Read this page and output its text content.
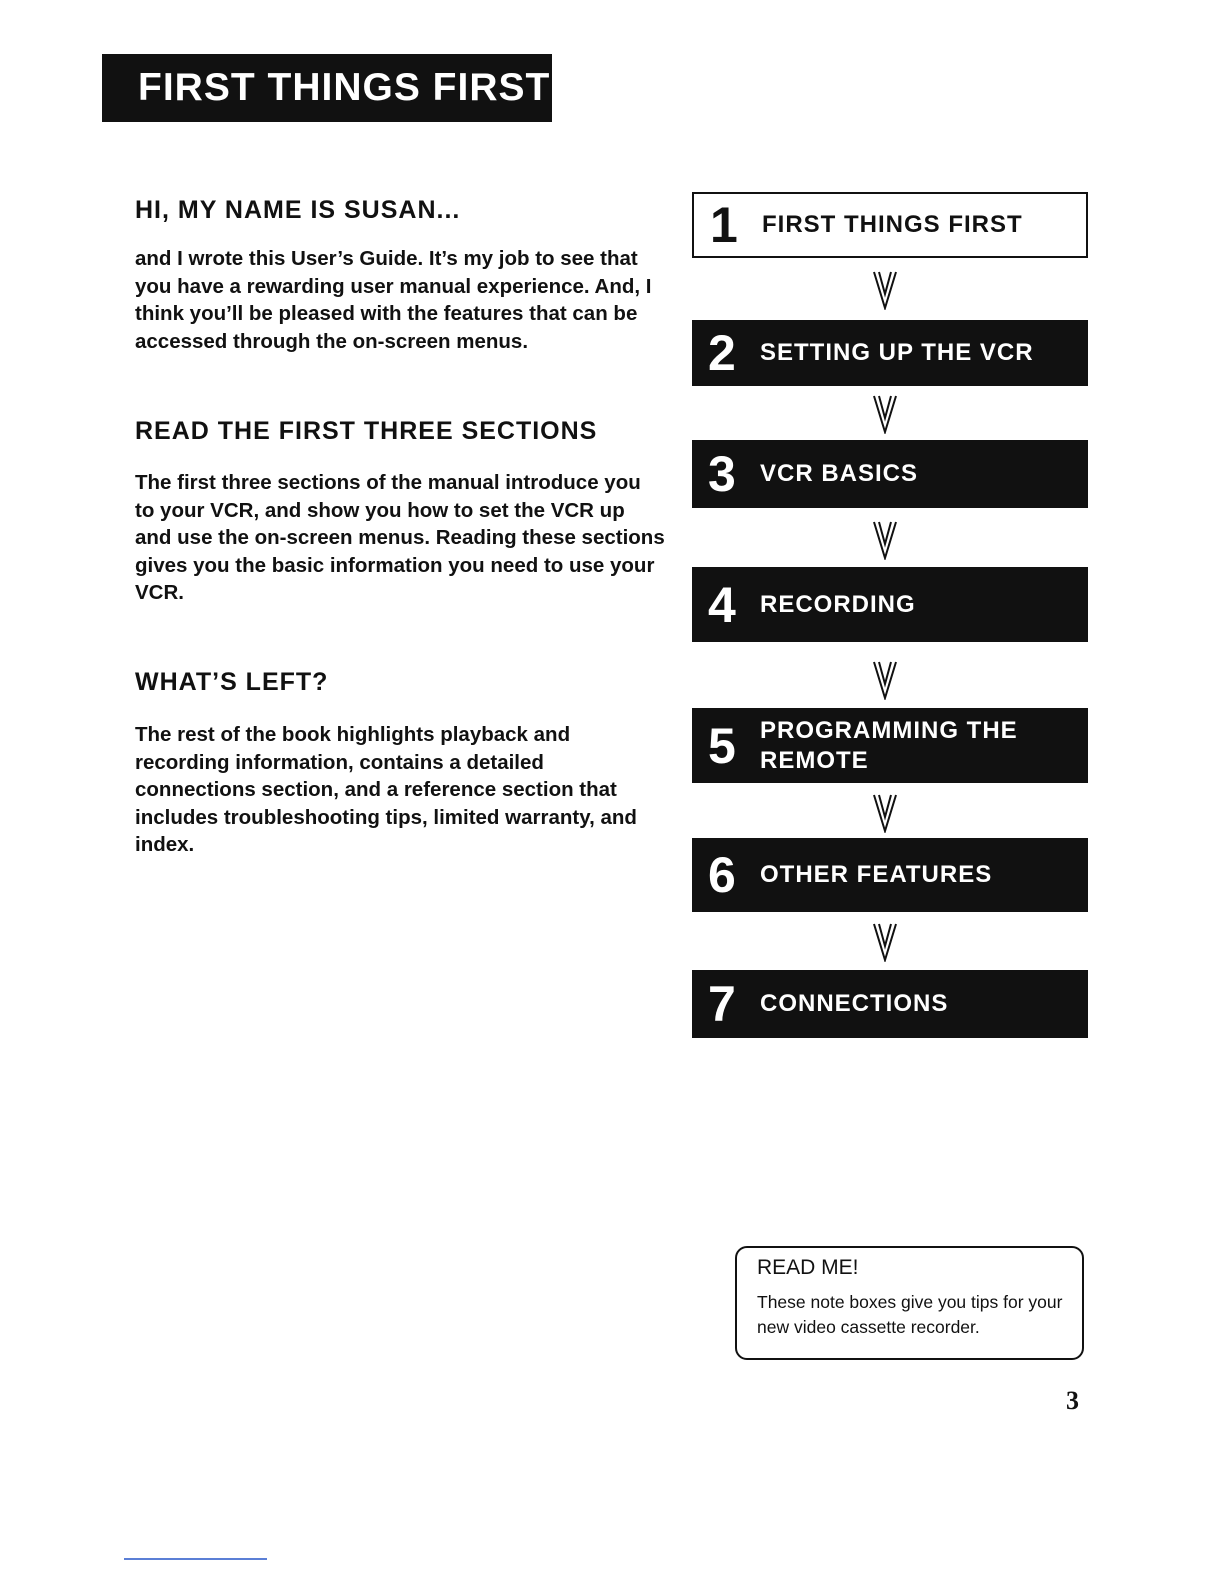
FIRST THINGS FIRST
HI, MY NAME IS SUSAN...
and I wrote this User’s Guide. It’s my job to see that you have a rewarding user manual experience. And, I think you’ll be pleased with the features that can be accessed through the on-screen menus.
READ THE FIRST THREE SECTIONS
The first three sections of the manual introduce you to your VCR, and show you how to set the VCR up and use the on-screen menus. Reading these sections gives you the basic information you need to use your VCR.
WHAT’S LEFT?
The rest of the book highlights playback and recording information, contains a detailed connections section, and a reference section that includes troubleshooting tips, limited warranty, and index.
1	FIRST THINGS FIRST
2	SETTING UP THE VCR
3	VCR BASICS
4	RECORDING
5	PROGRAMMING THE REMOTE
6	OTHER FEATURES
7	CONNECTIONS
READ ME!
These note boxes give you tips for your new video cassette recorder.
3
